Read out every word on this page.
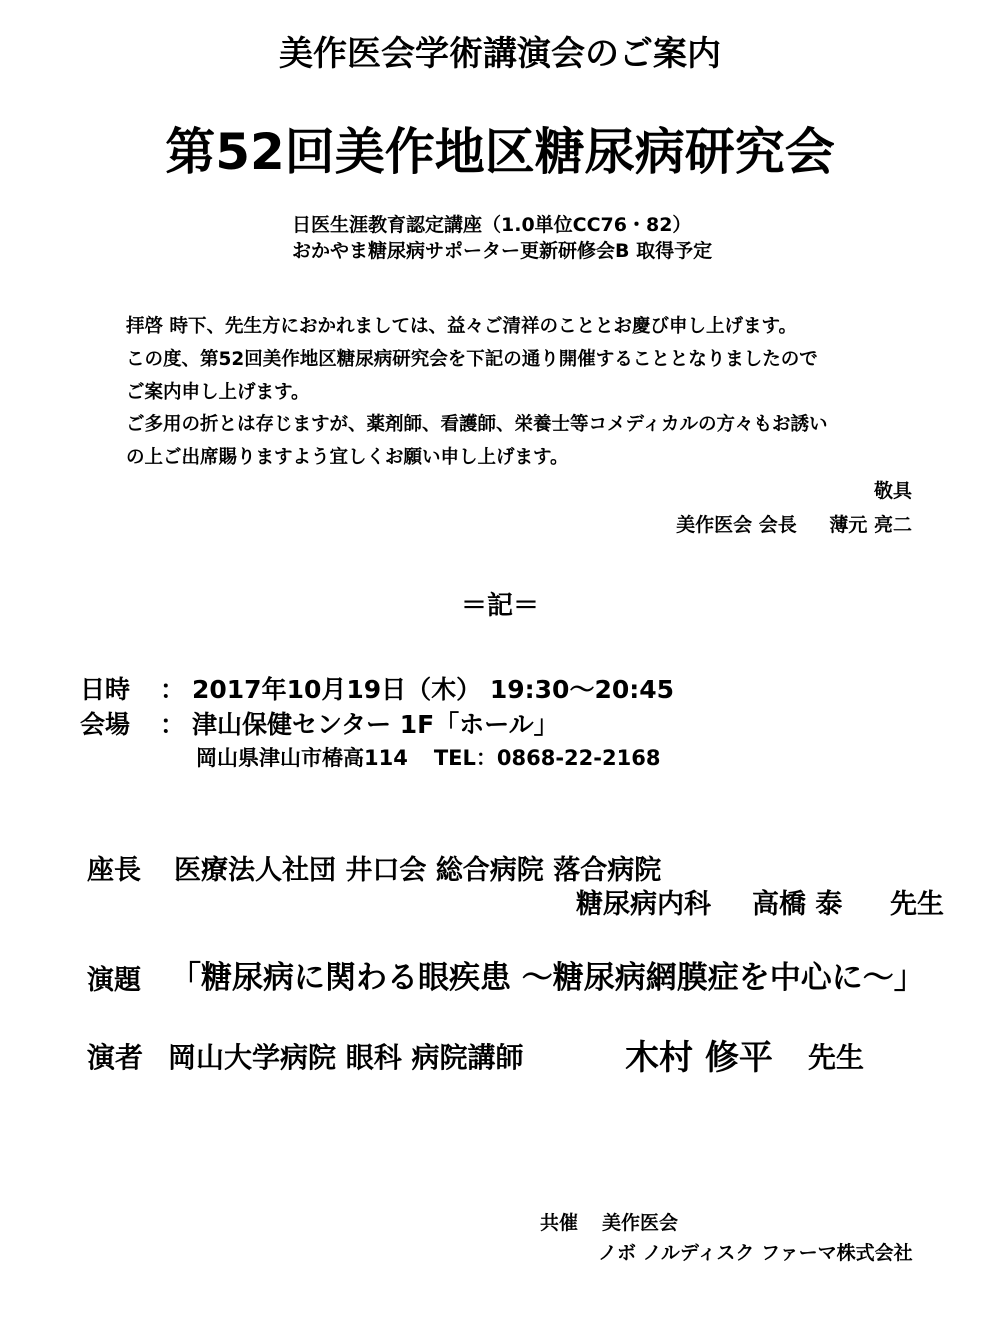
美作医会学術講演会のご案内
第52回美作地区糖尿病研究会
日医生涯教育認定講座（1.0単位CC76・82）
おかやま糖尿病サポーター更新研修会B 取得予定
拝啓 時下、先生方におかれましては、益々ご清祥のこととお慶び申し上げます。
この度、第52回美作地区糖尿病研究会を下記の通り開催することとなりましたので
ご案内申し上げます。
ご多用の折とは存じますが、薬剤師、看護師、栄養士等コメディカルの方々もお誘い
の上ご出席賜りますよう宜しくお願い申し上げます。
敬具
美作医会 会長 薄元 亮二
＝記＝
日時 ： 2017年10月19日（木） 19:30～20:45
会場 ： 津山保健センター 1F「ホール」
岡山県津山市椿高114 TEL：0868-22-2168
座長 医療法人社団 井口会 総合病院 落合病院
糖尿病内科 高橋 泰 先生
演題 「糖尿病に関わる眼疾患 ～糖尿病網膜症を中心に～」
演者 岡山大学病院 眼科 病院講師	木村 修平 先生
共催 美作医会
ノボ ノルディスク ファーマ株式会社
